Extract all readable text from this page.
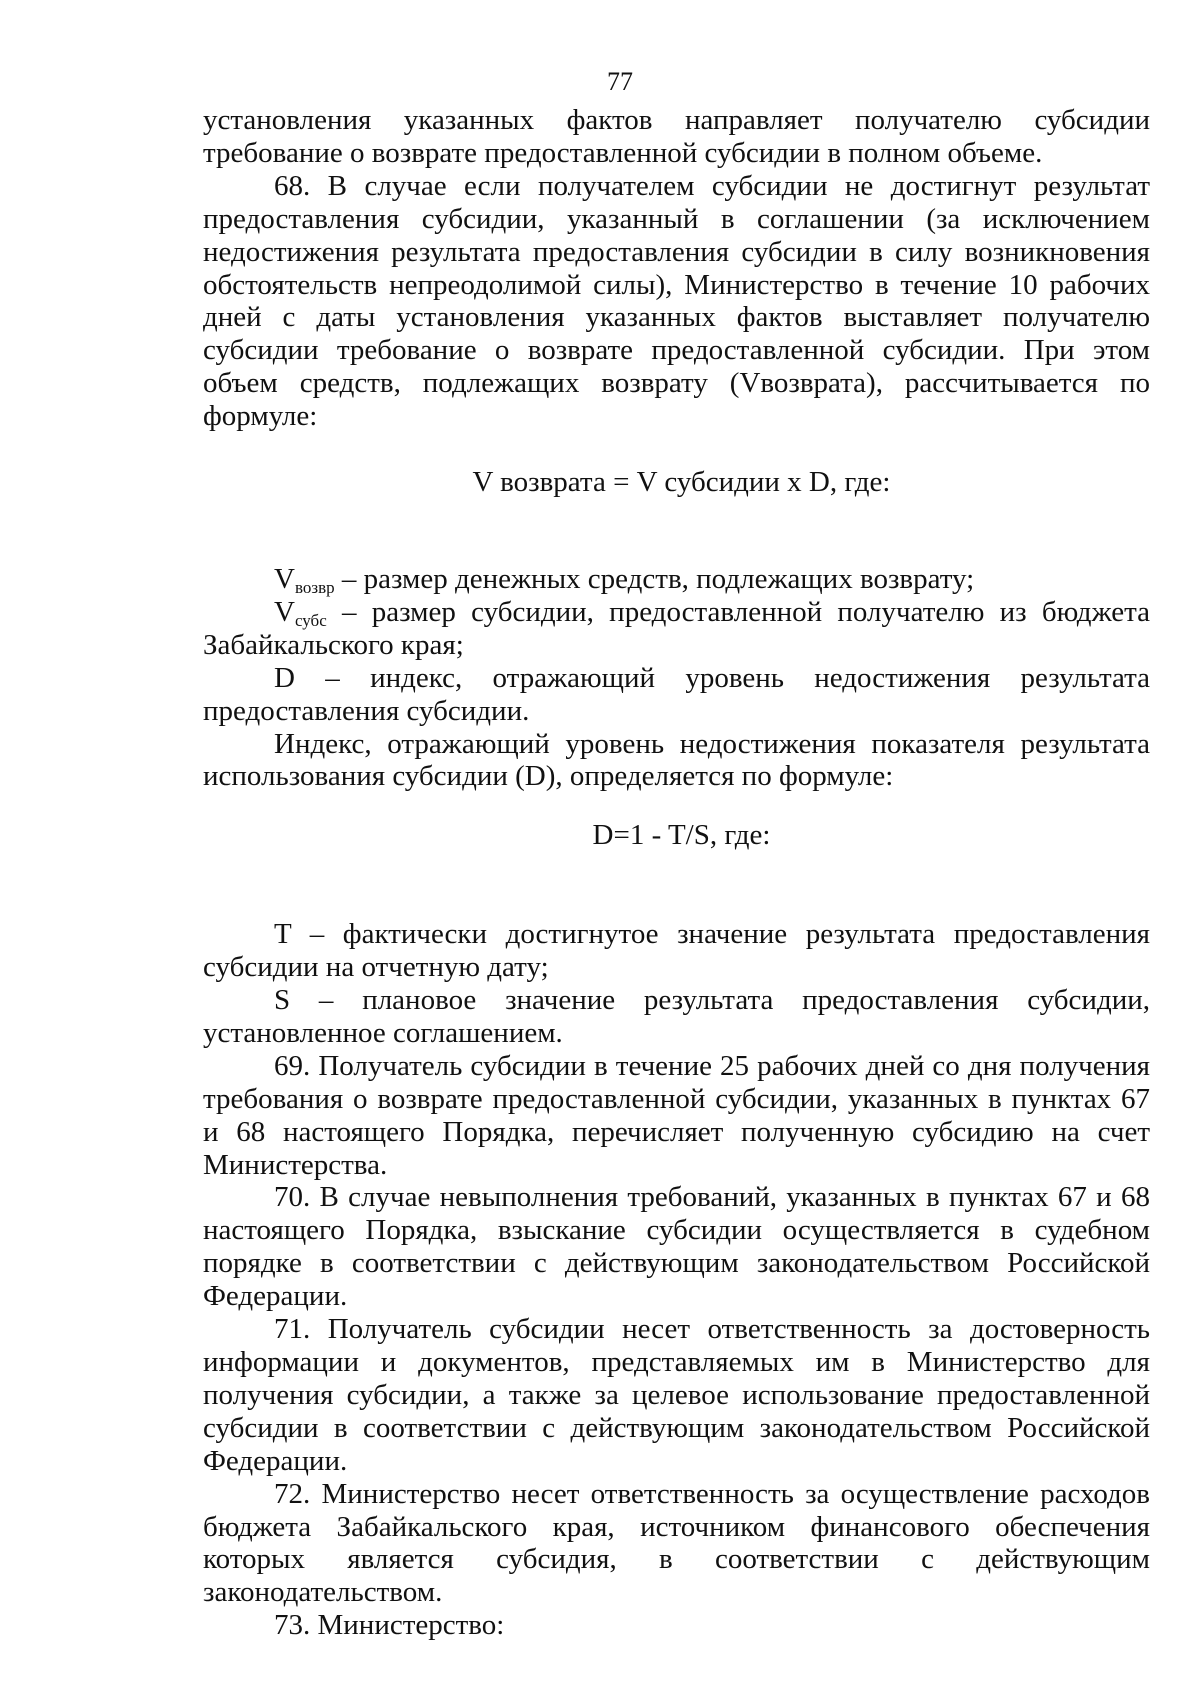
77

установления указанных фактов направляет получателю субсидии требование о возврате предоставленной субсидии в полном объеме.

68. В случае если получателем субсидии не достигнут результат предоставления субсидии, указанный в соглашении (за исключением недостижения результата предоставления субсидии в силу возникновения обстоятельств непреодолимой силы), Министерство в течение 10 рабочих дней с даты установления указанных фактов выставляет получателю субсидии требование о возврате предоставленной субсидии. При этом объем средств, подлежащих возврату (Vвозврата), рассчитывается по формуле:

V возврата = V субсидии x D, где:

$V_{возвр}$ – размер денежных средств, подлежащих возврату;

$V_{субс}$ – размер субсидии, предоставленной получателю из бюджета Забайкальского края;

D – индекс, отражающий уровень недостижения результата предоставления субсидии.

Индекс, отражающий уровень недостижения показателя результата использования субсидии (D), определяется по формуле:

D=1 - T/S, где:

T – фактически достигнутое значение результата предоставления субсидии на отчетную дату;

S – плановое значение результата предоставления субсидии, установленное соглашением.

69. Получатель субсидии в течение 25 рабочих дней со дня получения требования о возврате предоставленной субсидии, указанных в пунктах 67 и 68 настоящего Порядка, перечисляет полученную субсидию на счет Министерства.

70. В случае невыполнения требований, указанных в пунктах 67 и 68 настоящего Порядка, взыскание субсидии осуществляется в судебном порядке в соответствии с действующим законодательством Российской Федерации.

71. Получатель субсидии несет ответственность за достоверность информации и документов, представляемых им в Министерство для получения субсидии, а также за целевое использование предоставленной субсидии в соответствии с действующим законодательством Российской Федерации.

72. Министерство несет ответственность за осуществление расходов бюджета Забайкальского края, источником финансового обеспечения которых является субсидия, в соответствии с действующим законодательством.

73. Министерство:
